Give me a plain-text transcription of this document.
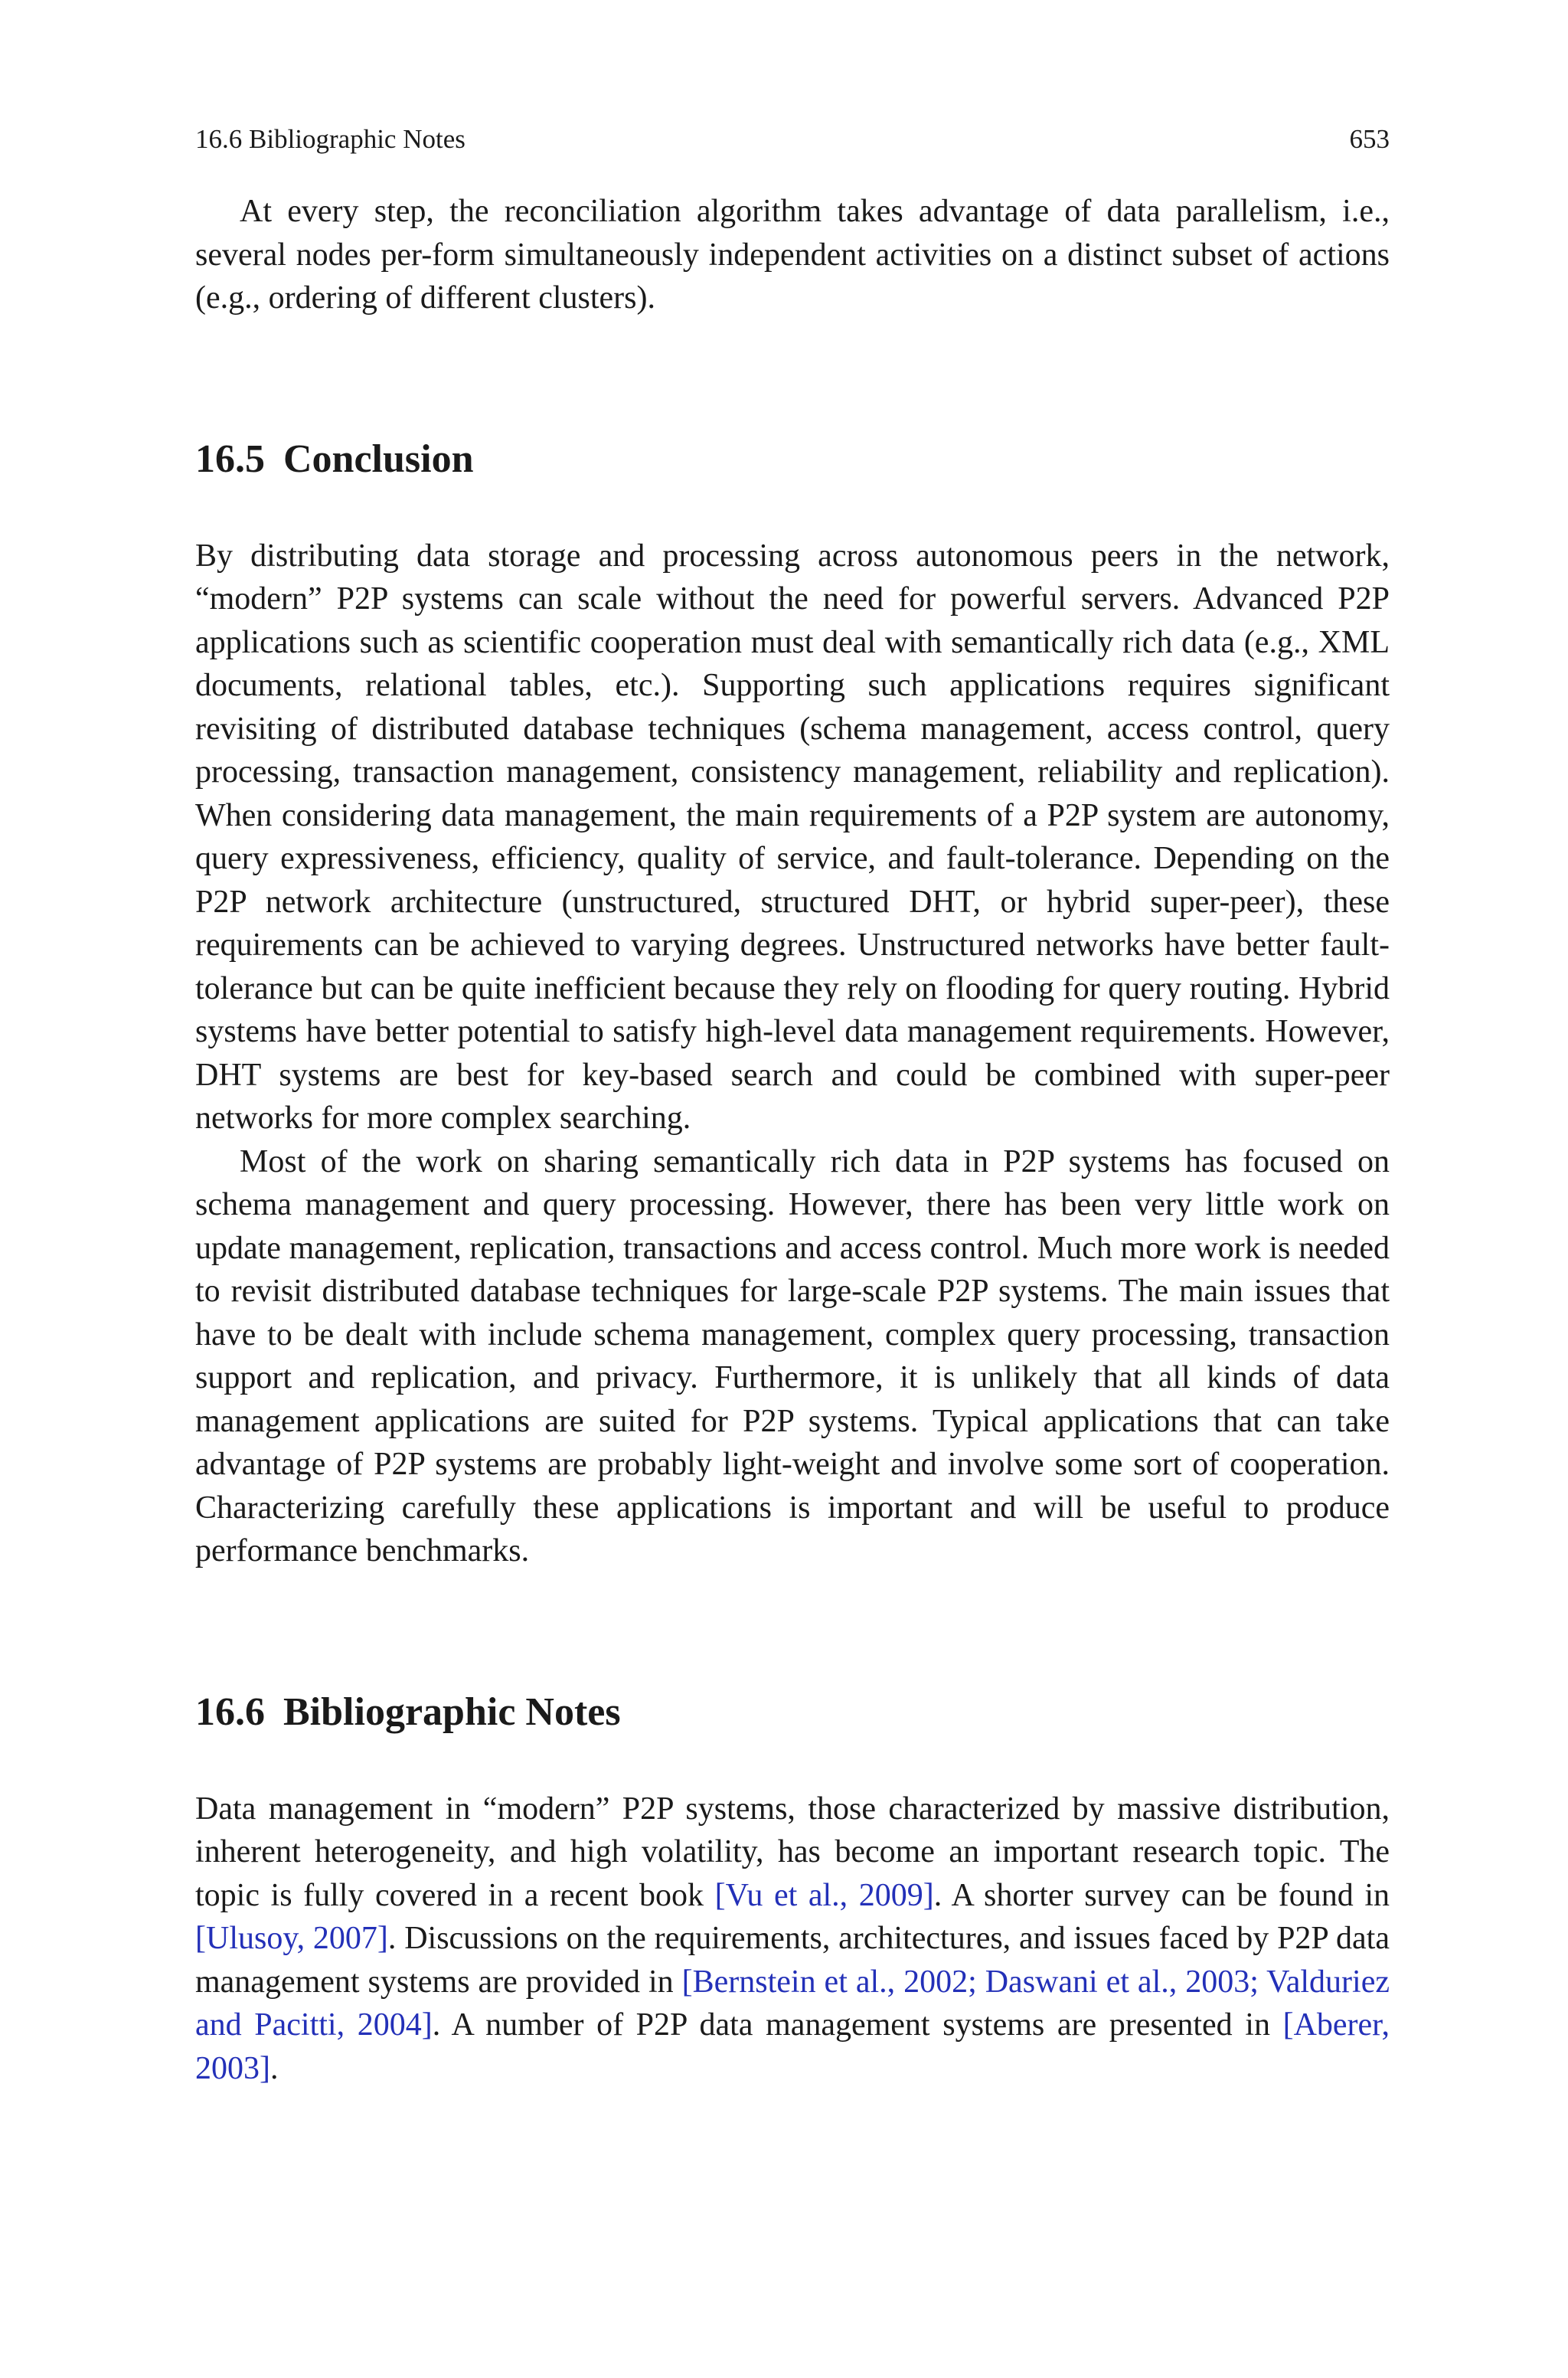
16.6 Bibliographic Notes	653

At every step, the reconciliation algorithm takes advantage of data parallelism, i.e., several nodes per-form simultaneously independent activities on a distinct subset of actions (e.g., ordering of different clusters).

16.5 Conclusion

By distributing data storage and processing across autonomous peers in the network, “modern” P2P systems can scale without the need for powerful servers. Advanced P2P applications such as scientific cooperation must deal with semantically rich data (e.g., XML documents, relational tables, etc.). Supporting such applications requires significant revisiting of distributed database techniques (schema management, access control, query processing, transaction management, consistency management, reliability and replication). When considering data management, the main requirements of a P2P system are autonomy, query expressiveness, efficiency, quality of service, and fault-tolerance. Depending on the P2P network architecture (unstructured, structured DHT, or hybrid super-peer), these requirements can be achieved to varying degrees. Unstructured networks have better fault-tolerance but can be quite inefficient because they rely on flooding for query routing. Hybrid systems have better potential to satisfy high-level data management requirements. However, DHT systems are best for key-based search and could be combined with super-peer networks for more complex searching.

Most of the work on sharing semantically rich data in P2P systems has focused on schema management and query processing. However, there has been very little work on update management, replication, transactions and access control. Much more work is needed to revisit distributed database techniques for large-scale P2P systems. The main issues that have to be dealt with include schema management, complex query processing, transaction support and replication, and privacy. Furthermore, it is unlikely that all kinds of data management applications are suited for P2P systems. Typical applications that can take advantage of P2P systems are probably light-weight and involve some sort of cooperation. Characterizing carefully these applications is important and will be useful to produce performance benchmarks.

16.6 Bibliographic Notes

Data management in “modern” P2P systems, those characterized by massive distribution, inherent heterogeneity, and high volatility, has become an important research topic. The topic is fully covered in a recent book [Vu et al., 2009]. A shorter survey can be found in [Ulusoy, 2007]. Discussions on the requirements, architectures, and issues faced by P2P data management systems are provided in [Bernstein et al., 2002; Daswani et al., 2003; Valduriez and Pacitti, 2004]. A number of P2P data management systems are presented in [Aberer, 2003].
